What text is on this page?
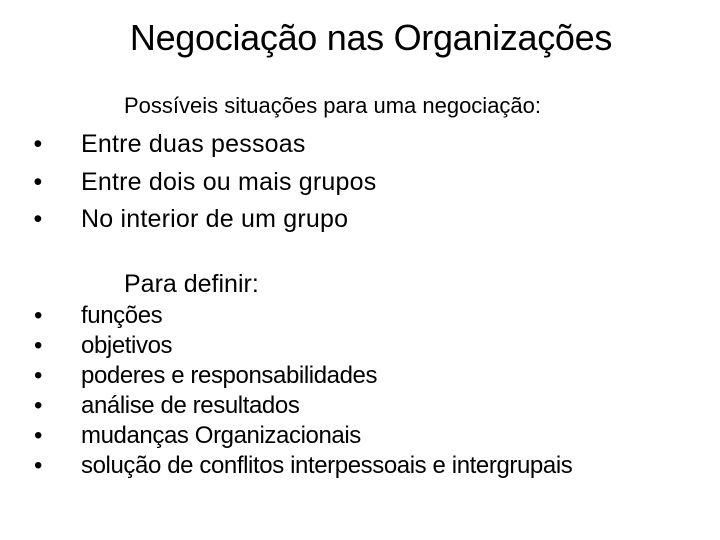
Negociação nas Organizações
Possíveis situações para uma negociação:
• Entre duas pessoas
• Entre dois ou mais grupos
• No interior de um grupo
Para definir:
• funções
• objetivos
• poderes e responsabilidades
• análise de resultados
• mudanças Organizacionais
• solução de conflitos interpessoais e intergrupais
